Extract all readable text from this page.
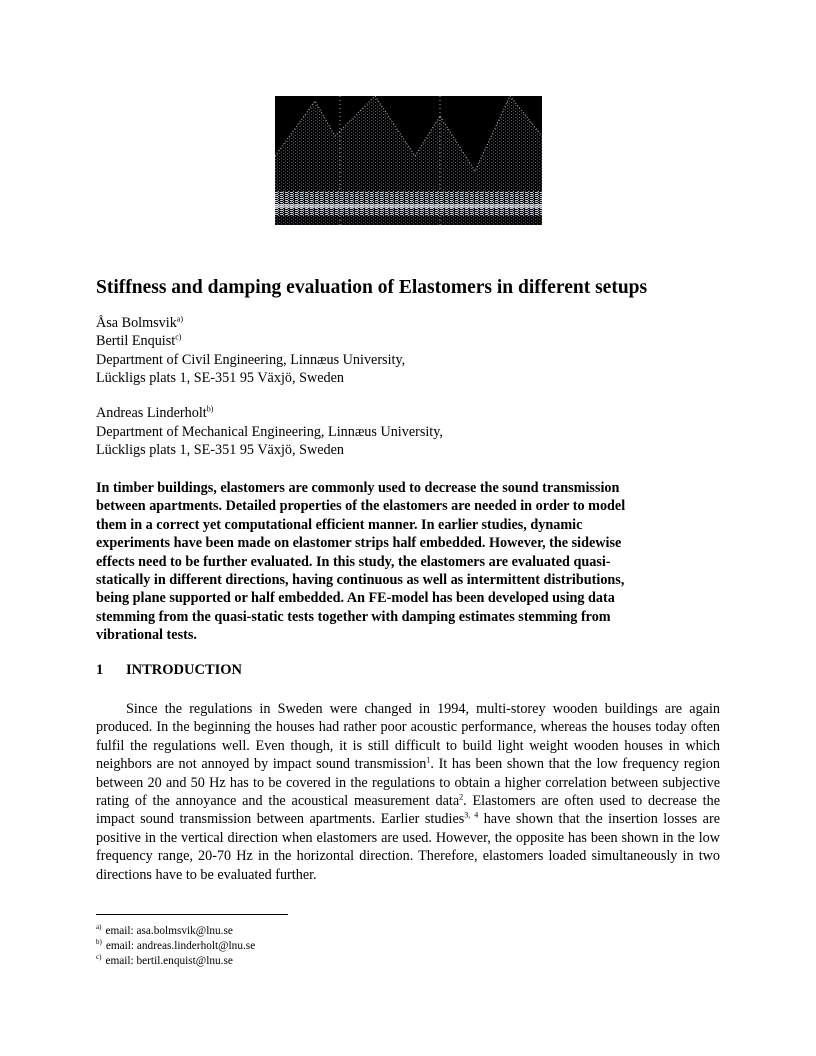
Stiffness and damping evaluation of Elastomers in different setups
Åsa Bolmsvik$^{a)}$
Bertil Enquist$^{c)}$
Department of Civil Engineering, Linnæus University,
Lückligs plats 1, SE-351 95 Växjö, Sweden
Andreas Linderholt$^{b)}$
Department of Mechanical Engineering, Linnæus University,
Lückligs plats 1, SE-351 95 Växjö, Sweden
In timber buildings, elastomers are commonly used to decrease the sound transmission
between apartments. Detailed properties of the elastomers are needed in order to model
them in a correct yet computational efficient manner. In earlier studies, dynamic
experiments have been made on elastomer strips half embedded. However, the sidewise
effects need to be further evaluated. In this study, the elastomers are evaluated quasi-
statically in different directions, having continuous as well as intermittent distributions,
being plane supported or half embedded. An FE-model has been developed using data
stemming from the quasi-static tests together with damping estimates stemming from
vibrational tests.
1 INTRODUCTION

Since the regulations in Sweden were changed in 1994, multi-storey wooden buildings are again produced. In the beginning the houses had rather poor acoustic performance, whereas the houses today often fulfil the regulations well. Even though, it is still difficult to build light weight wooden houses in which neighbors are not annoyed by impact sound transmission$^1$. It has been shown that the low frequency region between 20 and 50 Hz has to be covered in the regulations to obtain a higher correlation between subjective rating of the annoyance and the acoustical measurement data$^2$. Elastomers are often used to decrease the impact sound transmission between apartments. Earlier studies$^{3, 4}$ have shown that the insertion losses are positive in the vertical direction when elastomers are used. However, the opposite has been shown in the low frequency range, 20-70 Hz in the horizontal direction. Therefore, elastomers loaded simultaneously in two directions have to be evaluated further.

$^{a)}$ email: asa.bolmsvik@lnu.se
$^{b)}$ email: andreas.linderholt@lnu.se
$^{c)}$ email: bertil.enquist@lnu.se
